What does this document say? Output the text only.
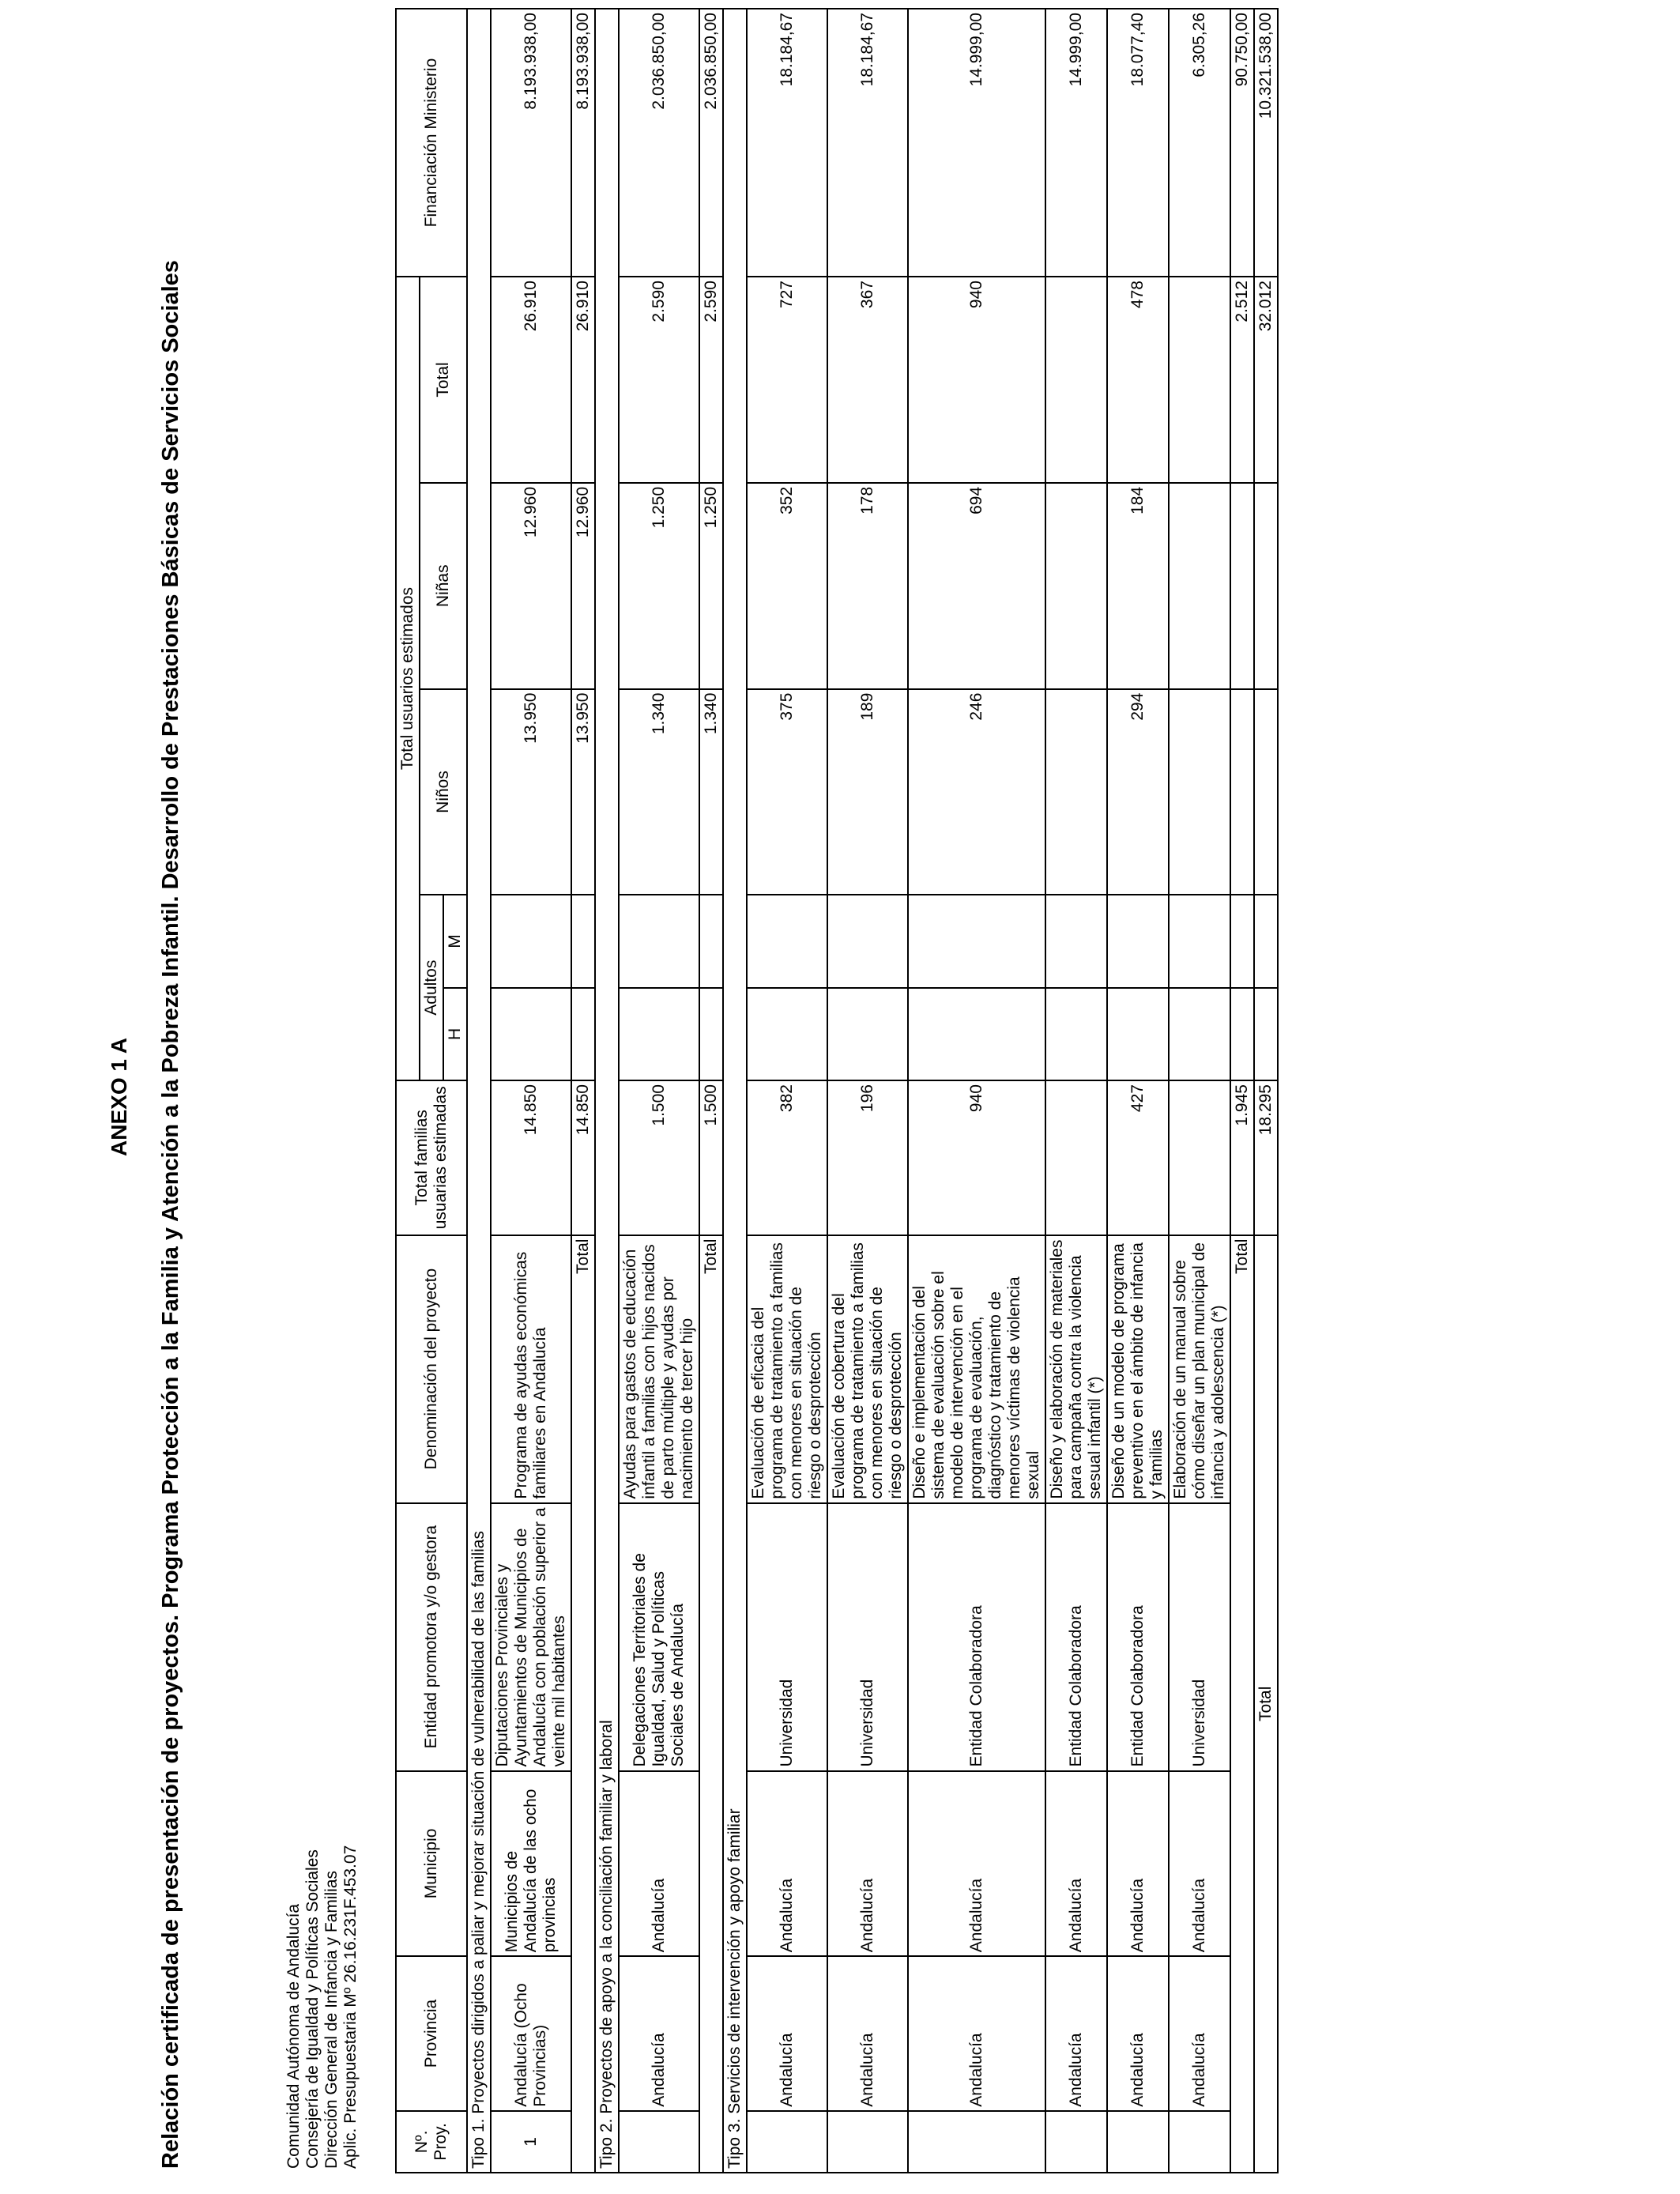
ANEXO 1 A Relación certificada de presentación de proyectos. Programa Protección a la Familia y Atención a la Pobreza Infantil. Desarrollo de Prestaciones Básicas de Servicios Sociales	Comunidad Autónoma de Andalucía Consejería de Igualdad y Políticas Sociales Dirección General de Infancia y Familias Aplic. Presupuestaria Mº 26.16.231F.453.07	Nº.
Proy.	Provincia	Municipio	Entidad promotora y/o gestora	Denominación del proyecto	Total familias usuarias estimadas	Total usuarios estimados					Financiación Ministerio
						Adultos		Niños	Niñas	Total	
						H	M				
Tipo 1. Proyectos dirigidos a paliar y mejorar situación de vulnerabilidad de las familias											
1	Andalucía (Ocho Provincias)	Municipios de Andalucía de las ocho provincias	Diputaciones Provinciales y Ayuntamientos de Municipios de Andalucía con población superior a veinte mil habitantes	Programa de ayudas económicas familiares en Andalucía	14.850			13.950	12.960	26.910	8.193.938,00
Total					14.850			13.950	12.960	26.910	8.193.938,00
Tipo 2. Proyectos de apoyo a la conciliación familiar y laboral											
	Andalucía	Andalucía	Delegaciones Territoriales de Igualdad, Salud y Políticas Sociales de Andalucía	Ayudas para gastos de educación infantil a familias con hijos nacidos de parto múltiple y ayudas por nacimiento de tercer hijo	1.500			1.340	1.250	2.590	2.036.850,00
Total					1.500			1.340	1.250	2.590	2.036.850,00
Tipo 3. Servicios de intervención y apoyo familiar											
	Andalucía	Andalucía	Universidad	Evaluación de eficacia del programa de tratamiento a familias con menores en situación de riesgo o desprotección	382			375	352	727	18.184,67
	Andalucía	Andalucía	Universidad	Evaluación de cobertura del programa de tratamiento a familias con menores en situación de riesgo o desprotección	196			189	178	367	18.184,67
	Andalucía	Andalucía	Entidad Colaboradora	Diseño e implementación del sistema de evaluación sobre el modelo de intervención en el programa de evaluación, diagnóstico y tratamiento de menores víctimas de violencia sexual	940			246	694	940	14.999,00
	Andalucía	Andalucía	Entidad Colaboradora	Diseño y elaboración de materiales para campaña contra la violencia sesual infantil (*)							14.999,00
	Andalucía	Andalucía	Entidad Colaboradora	Diseño de un modelo de programa preventivo en el ámbito de infancia y familias	427			294	184	478	18.077,40
	Andalucía	Andalucía	Universidad	Elaboración de un manual sobre cómo diseñar un plan municipal de infancia y adolescencia (*)							6.305,26
Total					1.945					2.512	90.750,00
Total					18.295					32.012	10.321.538,00
